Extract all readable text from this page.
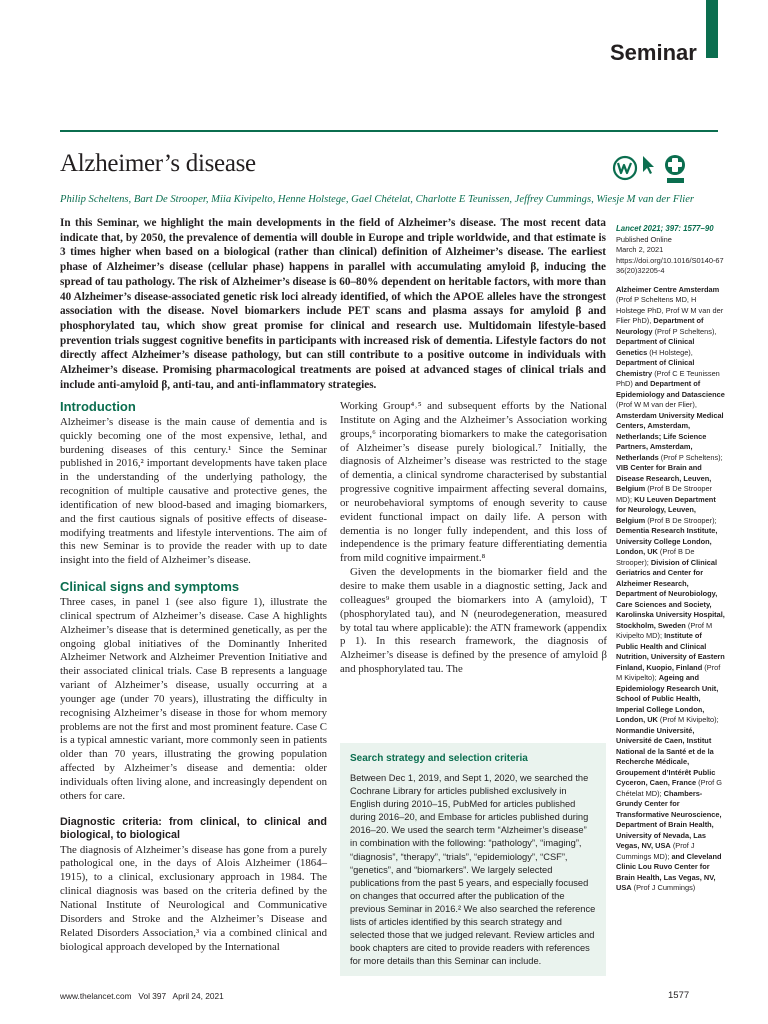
Seminar
Alzheimer’s disease
Philip Scheltens, Bart De Strooper, Miia Kivipelto, Henne Holstege, Gael Chételat, Charlotte E Teunissen, Jeffrey Cummings, Wiesje M van der Flier
In this Seminar, we highlight the main developments in the field of Alzheimer’s disease. The most recent data indicate that, by 2050, the prevalence of dementia will double in Europe and triple worldwide, and that estimate is 3 times higher when based on a biological (rather than clinical) definition of Alzheimer’s disease. The earliest phase of Alzheimer’s disease (cellular phase) happens in parallel with accumulating amyloid β, inducing the spread of tau pathology. The risk of Alzheimer’s disease is 60–80% dependent on heritable factors, with more than 40 Alzheimer’s disease-associated genetic risk loci already identified, of which the APOE alleles have the strongest association with the disease. Novel biomarkers include PET scans and plasma assays for amyloid β and phosphorylated tau, which show great promise for clinical and research use. Multidomain lifestyle-based prevention trials suggest cognitive benefits in participants with increased risk of dementia. Lifestyle factors do not directly affect Alzheimer’s disease pathology, but can still contribute to a positive outcome in individuals with Alzheimer’s disease. Promising pharmacological treatments are poised at advanced stages of clinical trials and include anti-amyloid β, anti-tau, and anti-inflammatory strategies.
Introduction

Alzheimer’s disease is the main cause of dementia and is quickly becoming one of the most expensive, lethal, and burdening diseases of this century.¹ Since the Seminar published in 2016,² important developments have taken place in the understanding of the underlying pathology, the recognition of multiple causative and protective genes, the identification of new blood-based and imaging biomarkers, and the first cautious signals of positive effects of disease-modifying treatments and lifestyle interventions. The aim of this new Seminar is to provide the reader with up to date insight into the field of Alzheimer’s disease.

Clinical signs and symptoms

Three cases, in panel 1 (see also figure 1), illustrate the clinical spectrum of Alzheimer’s disease. Case A highlights Alzheimer’s disease that is determined genetically, as per the ongoing global initiatives of the Dominantly Inherited Alzheimer Network and Alzheimer Prevention Initiative and their associated clinical trials. Case B represents a language variant of Alzheimer’s disease, usually occurring at a younger age (under 70 years), illustrating the difficulty in recognising Alzheimer’s disease in those for whom memory problems are not the first and most prominent feature. Case C is a typical amnestic variant, more commonly seen in patients older than 70 years, illustrating the growing population affected by Alzheimer’s disease and dementia: older individuals often living alone, and increasingly dependent on others for care.

Diagnostic criteria: from clinical, to clinical and biological, to biological

The diagnosis of Alzheimer’s disease has gone from a purely pathological one, in the days of Alois Alzheimer (1864–1915), to a clinical, exclusionary approach in 1984. The clinical diagnosis was based on the criteria defined by the National Institute of Neurological and Communicative Disorders and Stroke and the Alzheimer’s Disease and Related Disorders Association,³ via a combined clinical and biological approach developed by the International

Working Group⁴˒⁵ and subsequent efforts by the National Institute on Aging and the Alzheimer’s Association working groups,⁶ incorporating biomarkers to make the categorisation of Alzheimer’s disease purely biological.⁷ Initially, the diagnosis of Alzheimer’s disease was restricted to the stage of dementia, a clinical syndrome characterised by substantial progressive cognitive impairment affecting several domains, or neurobehavioral symptoms of enough severity to cause evident functional impact on daily life. A person with dementia is no longer fully independent, and this loss of independence is the primary feature differentiating dementia from mild cognitive impairment.⁸

Given the developments in the biomarker field and the desire to make them usable in a diagnostic setting, Jack and colleagues⁹ grouped the biomarkers into A (amyloid), T (phosphorylated tau), and N (neurodegeneration, measured by total tau where applicable): the ATN framework (appendix p 1). In this research framework, the diagnosis of Alzheimer’s disease is defined by the presence of amyloid β and phosphorylated tau. The

Search strategy and selection criteria

Between Dec 1, 2019, and Sept 1, 2020, we searched the Cochrane Library for articles published exclusively in English during 2010–15, PubMed for articles published during 2016–20, and Embase for articles published during 2016–20. We used the search term “Alzheimer’s disease” in combination with the following: “pathology”, “imaging”, “diagnosis”, “therapy”, “trials”, “epidemiology”, “CSF”, “genetics”, and “biomarkers”. We largely selected publications from the past 5 years, and especially focused on changes that occurred after the publication of the previous Seminar in 2016.² We also searched the reference lists of articles identified by this search strategy and selected those that we judged relevant. Review articles and book chapters are cited to provide readers with references for more details than this Seminar can include.

Lancet 2021; 397: 1577–90
Published Online
March 2, 2021
https://doi.org/10.1016/S0140-6736(20)32205-4
Alzheimer Centre Amsterdam (Prof P Scheltens MD, H Holstege PhD, Prof W M van der Flier PhD), Department of Neurology (Prof P Scheltens), Department of Clinical Genetics (H Holstege), Department of Clinical Chemistry (Prof C E Teunissen PhD) and Department of Epidemiology and Datascience (Prof W M van der Flier), Amsterdam University Medical Centers, Amsterdam, Netherlands; Life Science Partners, Amsterdam, Netherlands (Prof P Scheltens); VIB Center for Brain and Disease Research, Leuven, Belgium (Prof B De Strooper MD); KU Leuven Department for Neurology, Leuven, Belgium (Prof B De Strooper); Dementia Research Institute, University College London, London, UK (Prof B De Strooper); Division of Clinical Geriatrics and Center for Alzheimer Research, Department of Neurobiology, Care Sciences and Society, Karolinska University Hospital, Stockholm, Sweden (Prof M Kivipelto MD); Institute of Public Health and Clinical Nutrition, University of Eastern Finland, Kuopio, Finland (Prof M Kivipelto); Ageing and Epidemiology Research Unit, School of Public Health, Imperial College London, London, UK (Prof M Kivipelto); Normandie Université, Université de Caen, Institut National de la Santé et de la Recherche Médicale, Groupement d’Intérêt Public Cyceron, Caen, France (Prof G Chételat MD); Chambers-Grundy Center for Transformative Neuroscience, Department of Brain Health, University of Nevada, Las Vegas, NV, USA (Prof J Cummings MD); and Cleveland Clinic Lou Ruvo Center for Brain Health, Las Vegas, NV, USA (Prof J Cummings)
www.thelancet.com   Vol 397   April 24, 2021	1577
